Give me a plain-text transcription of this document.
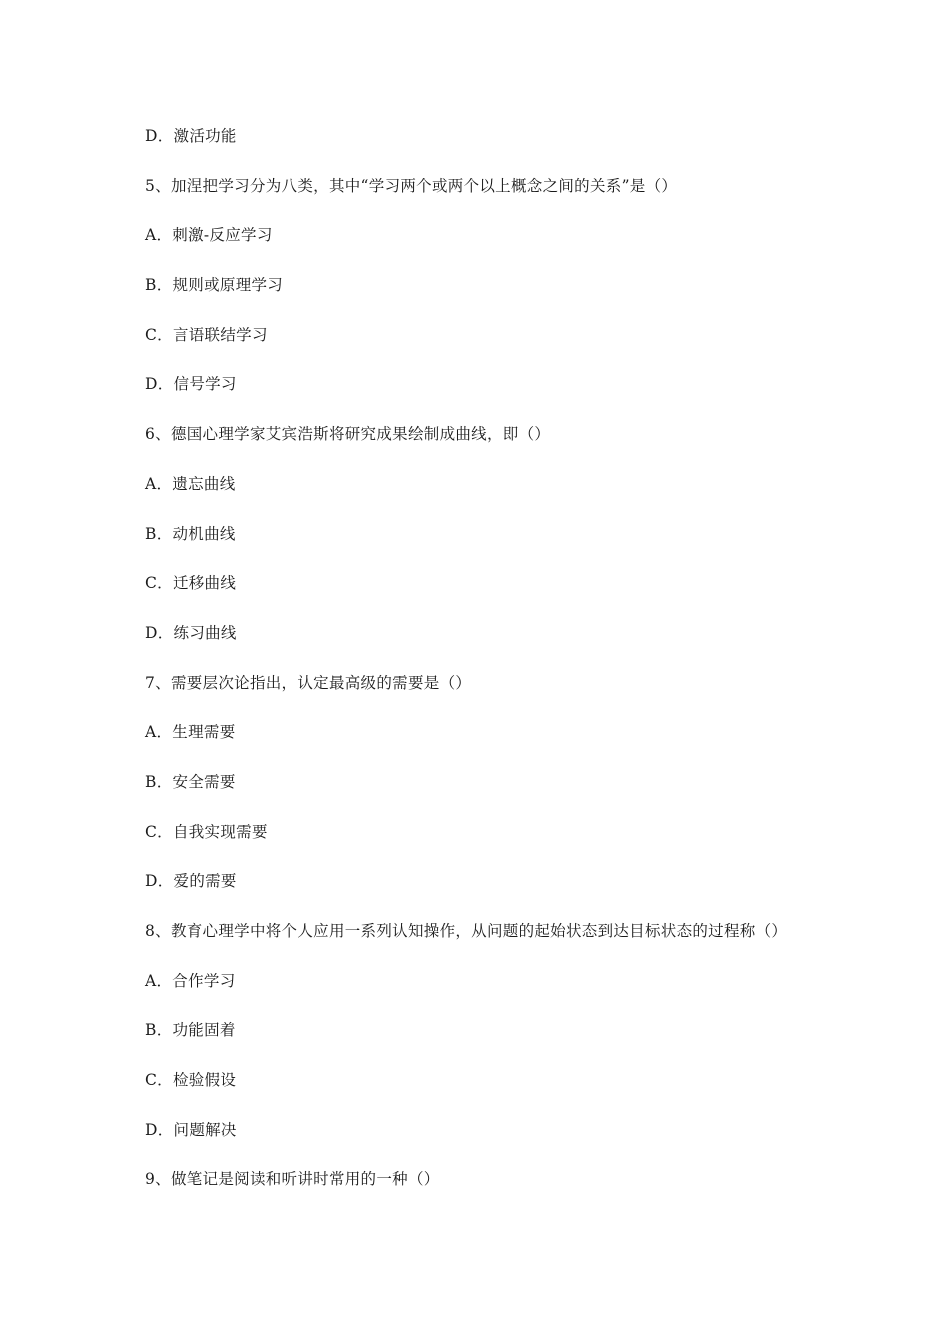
D．激活功能
5、加涅把学习分为八类，其中“学习两个或两个以上概念之间的关系”是（）
A．刺激-反应学习
B．规则或原理学习
C．言语联结学习
D．信号学习
6、德国心理学家艾宾浩斯将研究成果绘制成曲线，即（）
A．遗忘曲线
B．动机曲线
C．迁移曲线
D．练习曲线
7、需要层次论指出，认定最高级的需要是（）
A．生理需要
B．安全需要
C．自我实现需要
D．爱的需要
8、教育心理学中将个人应用一系列认知操作，从问题的起始状态到达目标状态的过程称（）
A．合作学习
B．功能固着
C．检验假设
D．问题解决
9、做笔记是阅读和听讲时常用的一种（）
